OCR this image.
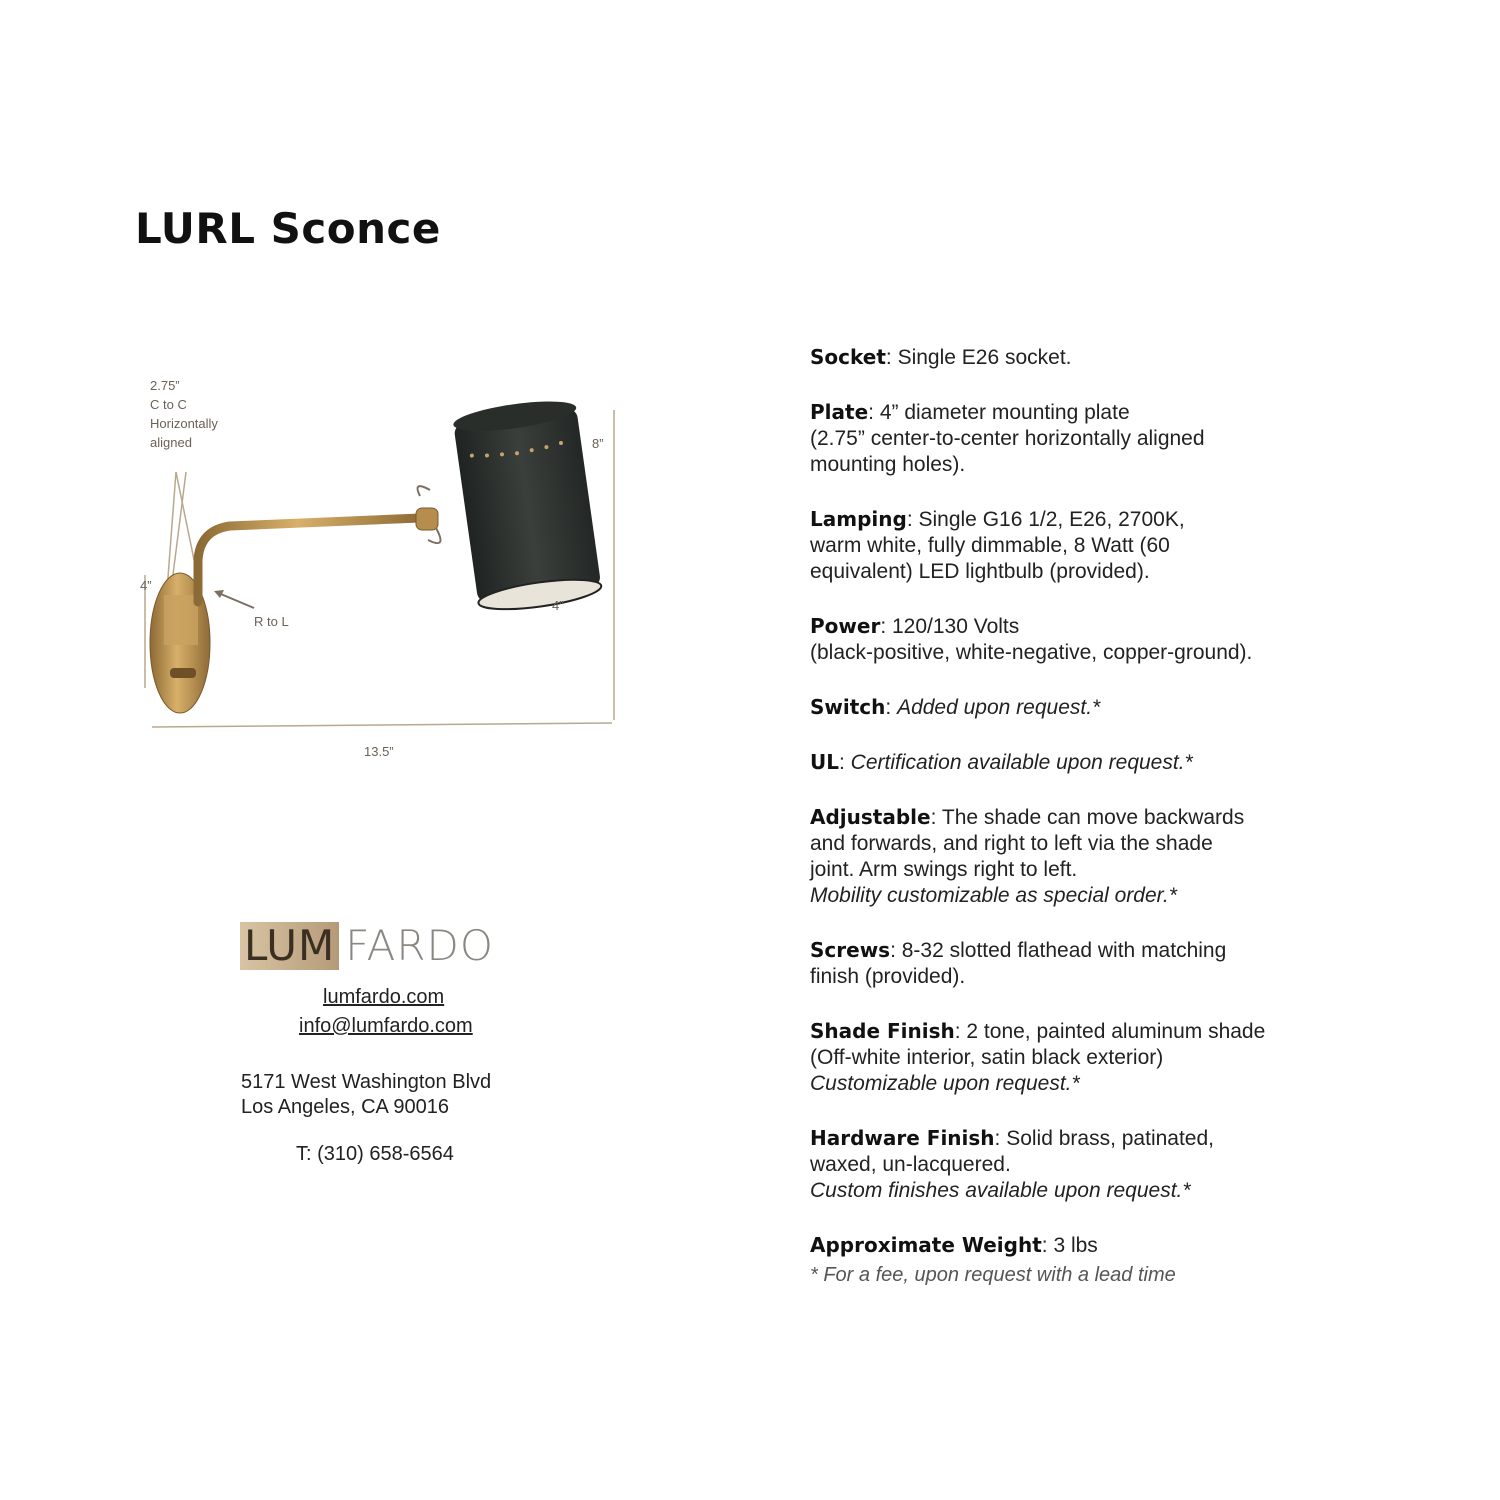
LURL Sconce
2.75”
C to C
Horizontally
aligned
4”
8”
4”
R to L
13.5”
Socket: Single E26 socket.
Plate: 4” diameter mounting plate
(2.75” center-to-center horizontally aligned
mounting holes).
Lamping: Single G16 1/2, E26, 2700K,
warm white, fully dimmable, 8 Watt (60
equivalent) LED lightbulb (provided).
Power: 120/130 Volts
(black-positive, white-negative, copper-ground).
Switch: Added upon request.*
UL: Certification available upon request.*
Adjustable: The shade can move backwards
and forwards, and right to left via the shade
joint. Arm swings right to left.
Mobility customizable as special order.*
Screws: 8-32 slotted flathead with matching
finish (provided).
Shade Finish: 2 tone, painted aluminum shade
(Off-white interior, satin black exterior)
Customizable upon request.*
Hardware Finish: Solid brass, patinated,
waxed, un-lacquered.
Custom finishes available upon request.*
Approximate Weight: 3 lbs
* For a fee, upon request with a lead time
LUM FARDO
lumfardo.com
info@lumfardo.com
5171 West Washington Blvd
Los Angeles, CA 90016
T: (310) 658-6564
